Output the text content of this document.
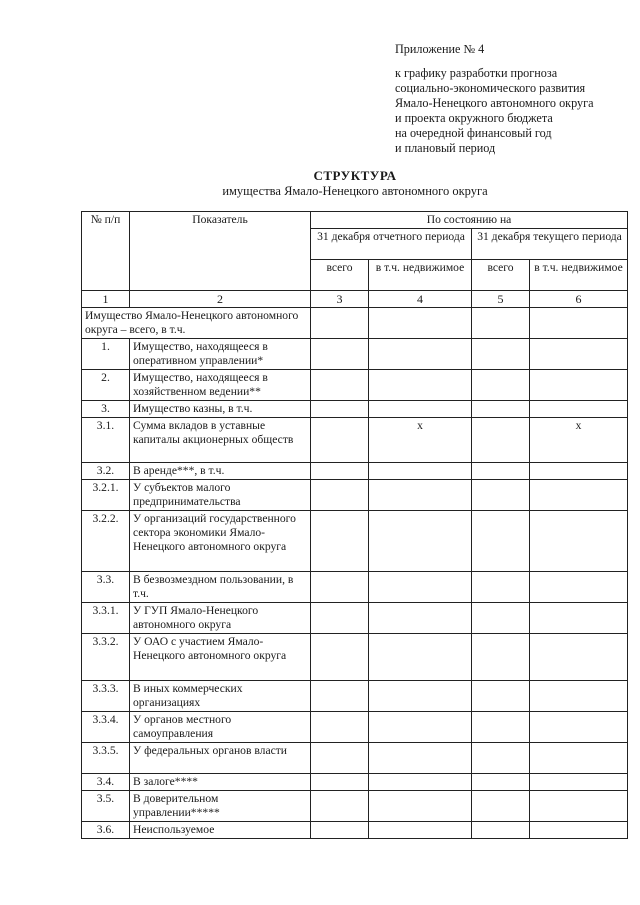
Приложение № 4
к графику разработки прогноза
социально-экономического развития
Ямало-Ненецкого автономного округа
и проекта окружного бюджета
на очередной финансовый год
и плановый период
СТРУКТУРА
имущества Ямало-Ненецкого автономного округа
№ п/п	Показатель	По состоянию на			
		31 декабря отчетного периода		31 декабря текущего периода	
		всего	в т.ч. недвижимое	всего	в т.ч. недвижимое
1	2	3	4	5	6
Имущество Ямало-Ненецкого автономного округа – всего, в т.ч.					
1.	Имущество, находящееся в оперативном управлении*				
2.	Имущество, находящееся в хозяйственном ведении**				
3.	Имущество казны, в т.ч.				
3.1.	Сумма вкладов в уставные капиталы акционерных обществ		х		х
3.2.	В аренде***, в т.ч.				
3.2.1.	У субъектов малого предпринимательства				
3.2.2.	У организаций государственного сектора экономики Ямало-Ненецкого автономного округа				
3.3.	В безвозмездном пользовании, в т.ч.				
3.3.1.	У ГУП Ямало-Ненецкого автономного округа				
3.3.2.	У ОАО с участием Ямало-Ненецкого автономного округа				
3.3.3.	В иных коммерческих организациях				
3.3.4.	У органов местного самоуправления				
3.3.5.	У федеральных органов власти				
3.4.	В залоге****				
3.5.	В доверительном управлении*****				
3.6.	Неиспользуемое				
